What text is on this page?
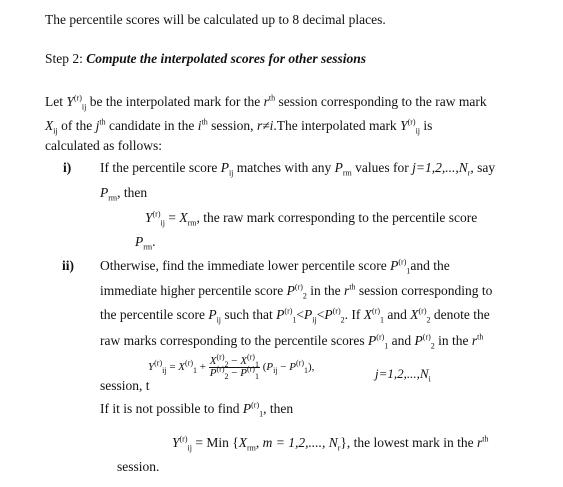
The percentile scores will be calculated up to 8 decimal places.
Step 2: Compute the interpolated scores for other sessions
Let $Y^{(r)}_{ij}$ be the interpolated mark for the $r^{th}$ session corresponding to the raw mark
$X_{ij}$ of the $j^{th}$ candidate in the $i^{th}$ session, r≠i.The interpolated mark $Y^{(r)}_{ij}$ is
calculated as follows:
i) If the percentile score $P_{ij}$ matches with any $P_{rm}$ values for $j=1,2,...,N_r$, say
$P_{rm}$, then
$Y^{(r)}_{ij} = X_{rm}$, the raw mark corresponding to the percentile score
$P_{rm}$.
ii) Otherwise, find the immediate lower percentile score $P^{(r)}_1and$ the
immediate higher percentile score $P^{(r)}_2$ in the $r^{th}$ session corresponding to
the percentile score $P_{ij}$ such that $P^{(r)}_1<P_{ij}<P^{(r)}_2$. If $X^{(r)}_1$ and $X^{(r)}_2$ denote the
raw marks corresponding to the percentile scores $P^{(r)}_1$ and $P^{(r)}_2$ in the $r^{th}$
$Y^{(r)}_{ij} = X^{(r)}_1 + \frac{X^{(r)}_2 - X^{(r)}_1}{P^{(r)}_2 - P^{(r)}_1} (P_{ij} - P^{(r)}_1)$,	$j=1,2,...,N_i$
session, t
If it is not possible to find $P^{(r)}_1$, then
$Y^{(r)}_{ij}$ = Min {$X_{rm}$, m = 1,2,...., $N_r$}, the lowest mark in the $r^{th}$
session.
